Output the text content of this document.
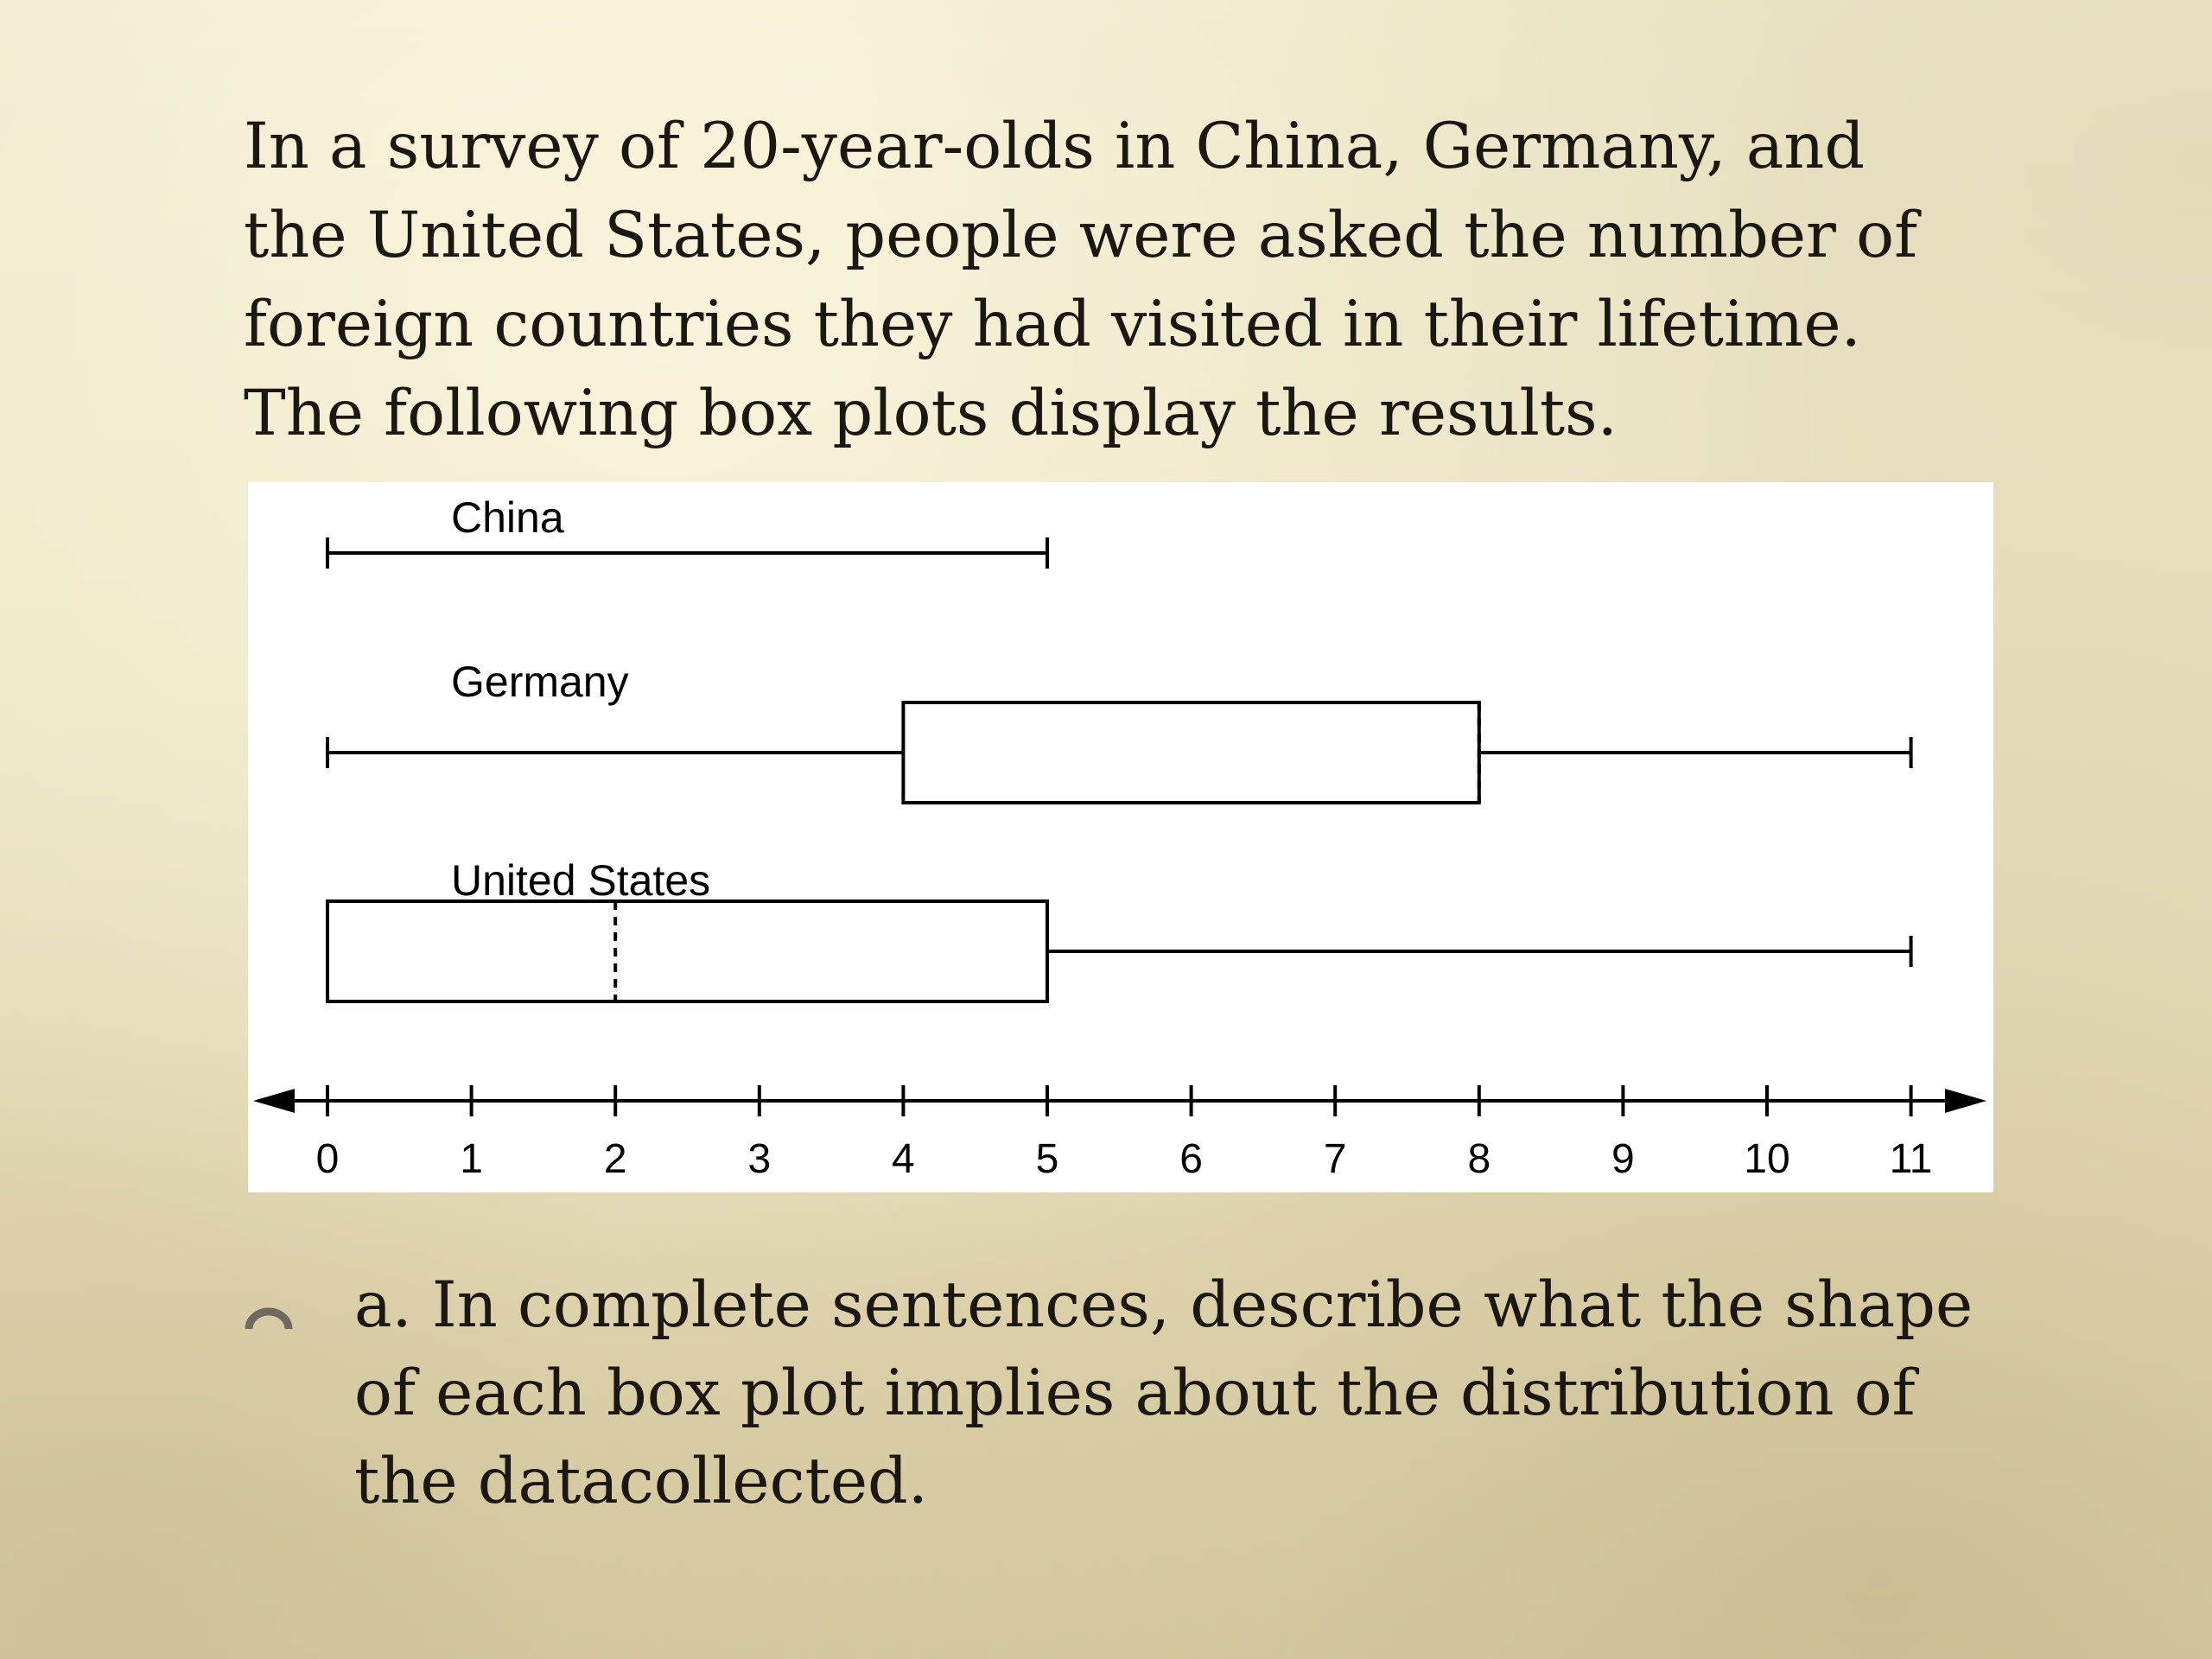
In a survey of 20-year-olds in China, Germany, and the United States, people were asked the number of foreign countries they had visited in their lifetime. The following box plots display the results.

China
Germany
United States
0	1	2	3	4	5	6	7	8	9	10 11

a. In complete sentences, describe what the shape of each box plot implies about the distribution of the datacollected.
